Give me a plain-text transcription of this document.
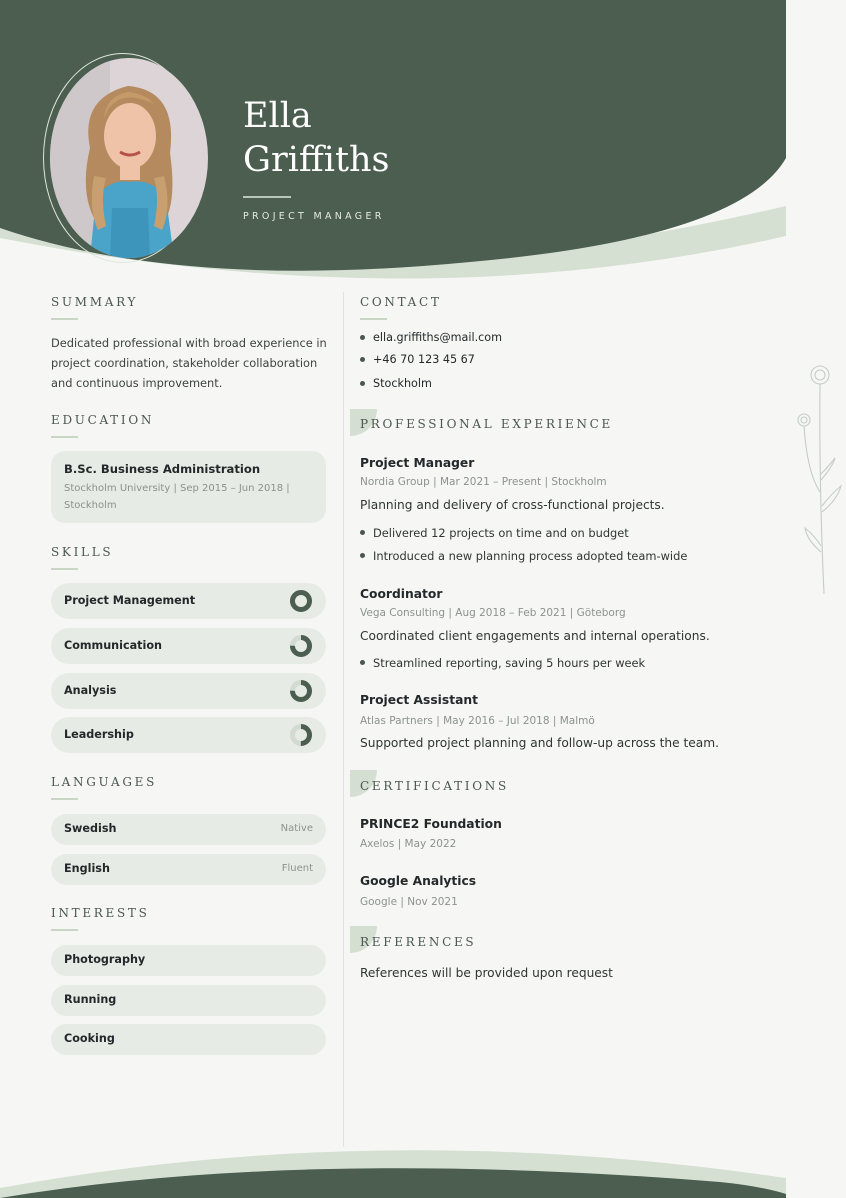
Ella
Griffiths
PROJECT MANAGER
SUMMARY
Dedicated professional with broad experience in project coordination, stakeholder collaboration and continuous improvement.
EDUCATION
B.Sc. Business Administration
Stockholm University | Sep 2015 – Jun 2018 | Stockholm
SKILLS
Project Management
Communication
Analysis
Leadership
LANGUAGES
Swedish	Native
English	Fluent
INTERESTS
Photography
Running
Cooking
CONTACT
ella.griffiths@mail.com
+46 70 123 45 67
Stockholm
PROFESSIONAL EXPERIENCE
Project Manager
Nordia Group | Mar 2021 – Present | Stockholm
Planning and delivery of cross-functional projects.
Delivered 12 projects on time and on budget
Introduced a new planning process adopted team-wide
Coordinator
Vega Consulting | Aug 2018 – Feb 2021 | Göteborg
Coordinated client engagements and internal operations.
Streamlined reporting, saving 5 hours per week
Project Assistant
Atlas Partners | May 2016 – Jul 2018 | Malmö
Supported project planning and follow-up across the team.
CERTIFICATIONS
PRINCE2 Foundation
Axelos | May 2022
Google Analytics
Google | Nov 2021
REFERENCES
References will be provided upon request
